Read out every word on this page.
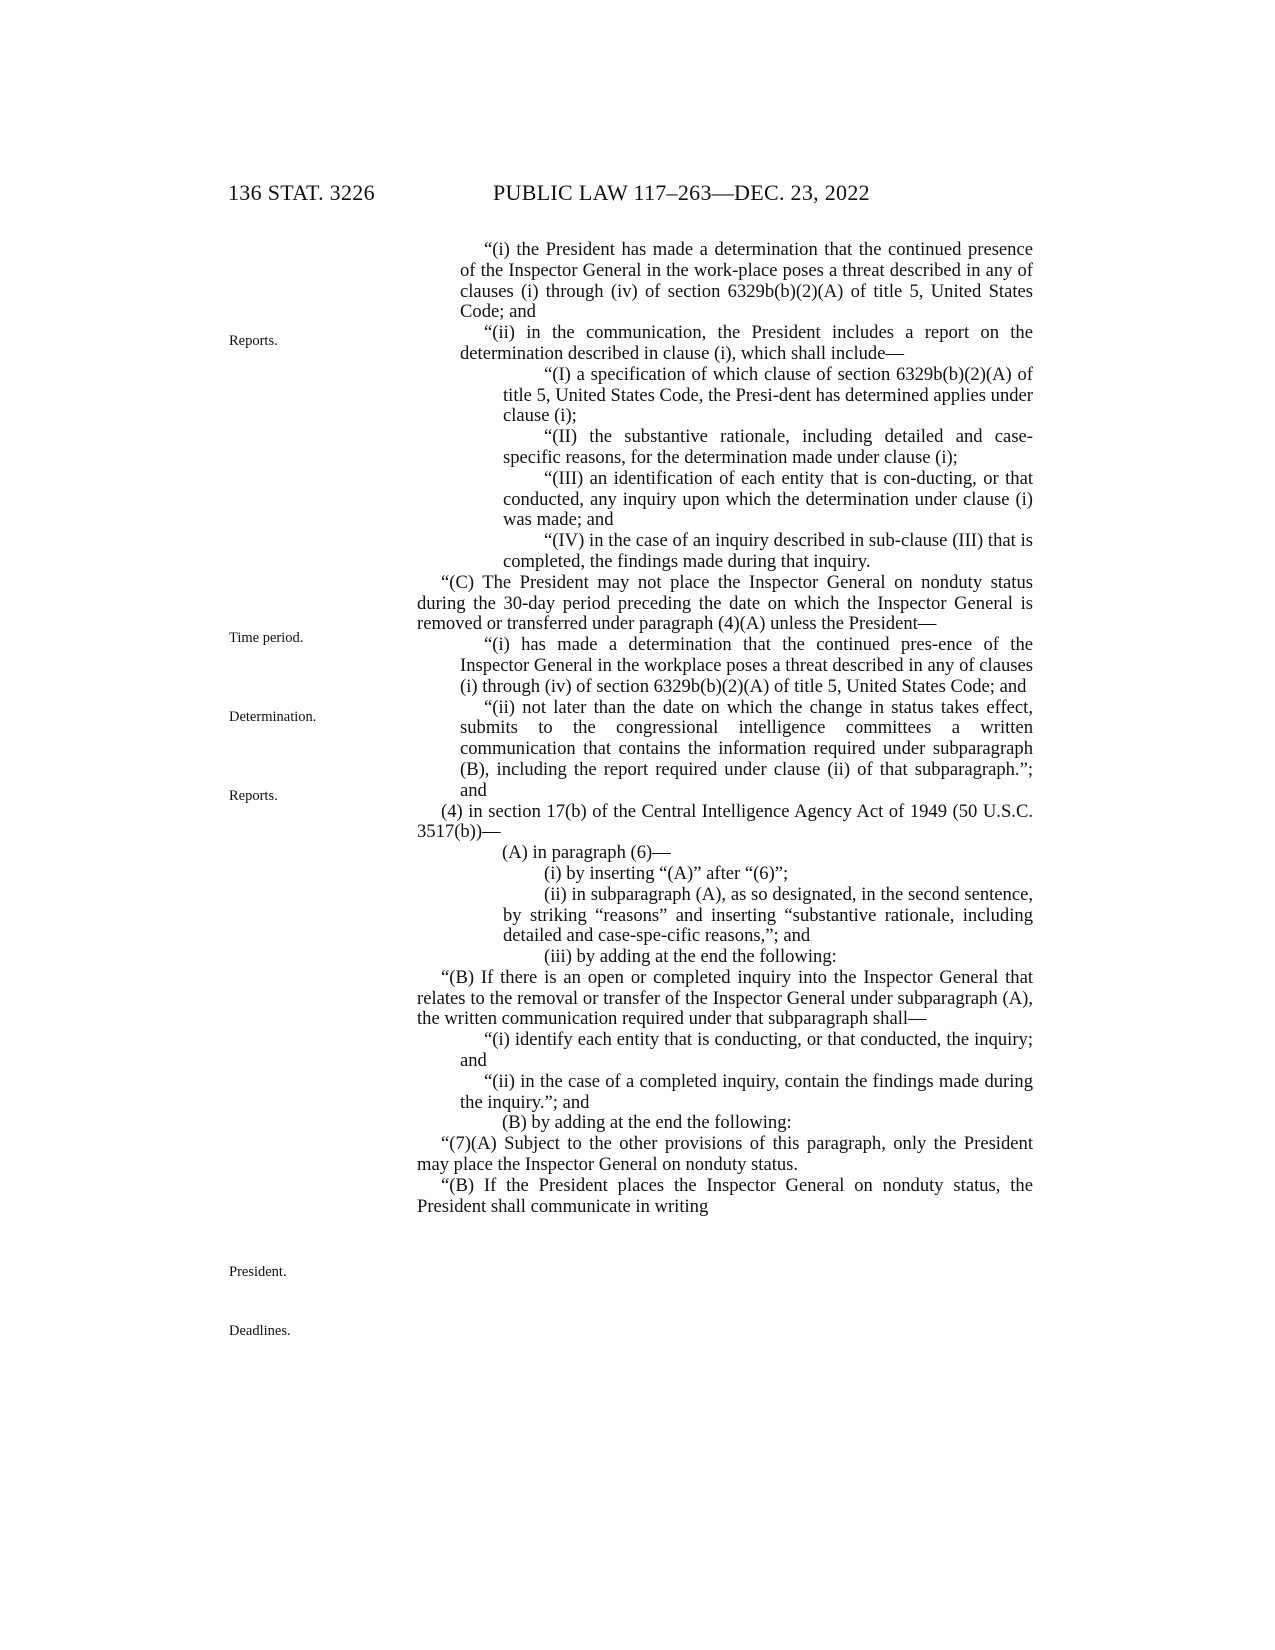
136 STAT. 3226	PUBLIC LAW 117–263—DEC. 23, 2022
Reports.
Time period.
Determination.
Reports.
President.
Deadlines.

“(i) the President has made a determination that the continued presence of the Inspector General in the work-place poses a threat described in any of clauses (i) through (iv) of section 6329b(b)(2)(A) of title 5, United States Code; and

“(ii) in the communication, the President includes a report on the determination described in clause (i), which shall include—

“(I) a specification of which clause of section 6329b(b)(2)(A) of title 5, United States Code, the Presi-dent has determined applies under clause (i);

“(II) the substantive rationale, including detailed and case-specific reasons, for the determination made under clause (i);

“(III) an identification of each entity that is con-ducting, or that conducted, any inquiry upon which the determination under clause (i) was made; and

“(IV) in the case of an inquiry described in sub-clause (III) that is completed, the findings made during that inquiry.

“(C) The President may not place the Inspector General on nonduty status during the 30-day period preceding the date on which the Inspector General is removed or transferred under paragraph (4)(A) unless the President—

“(i) has made a determination that the continued pres-ence of the Inspector General in the workplace poses a threat described in any of clauses (i) through (iv) of section 6329b(b)(2)(A) of title 5, United States Code; and

“(ii) not later than the date on which the change in status takes effect, submits to the congressional intelligence committees a written communication that contains the information required under subparagraph (B), including the report required under clause (ii) of that subparagraph.”; and

(4) in section 17(b) of the Central Intelligence Agency Act of 1949 (50 U.S.C. 3517(b))—

(A) in paragraph (6)—

(i) by inserting “(A)” after “(6)”;

(ii) in subparagraph (A), as so designated, in the second sentence, by striking “reasons” and inserting “substantive rationale, including detailed and case-spe-cific reasons,”; and

(iii) by adding at the end the following:

“(B) If there is an open or completed inquiry into the Inspector General that relates to the removal or transfer of the Inspector General under subparagraph (A), the written communication required under that subparagraph shall—

“(i) identify each entity that is conducting, or that conducted, the inquiry; and

“(ii) in the case of a completed inquiry, contain the findings made during the inquiry.”; and

(B) by adding at the end the following:

“(7)(A) Subject to the other provisions of this paragraph, only the President may place the Inspector General on nonduty status.

“(B) If the President places the Inspector General on nonduty status, the President shall communicate in writing
